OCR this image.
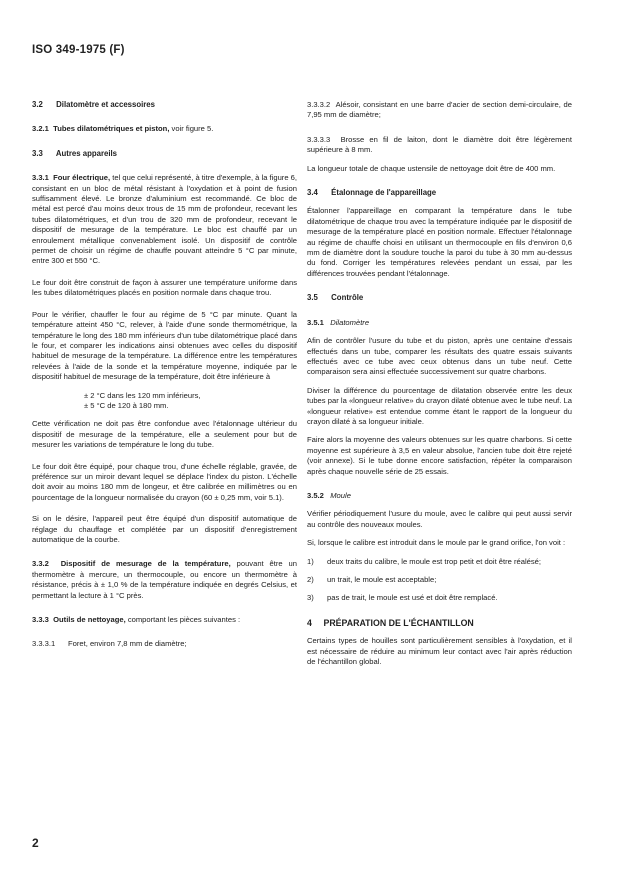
ISO 349-1975 (F)

3.2 Dilatomètre et accessoires

3.2.1 Tubes dilatométriques et piston, voir figure 5.

3.3 Autres appareils

3.3.1 Four électrique, tel que celui représenté, à titre d'exemple, à la figure 6, consistant en un bloc de métal résistant à l'oxydation et à point de fusion suffisamment élevé. Le bronze d'aluminium est recommandé. Ce bloc de métal est percé d'au moins deux trous de 15 mm de profondeur, recevant les tubes dilatométriques, et d'un trou de 320 mm de profondeur, recevant le dispositif de mesurage de la température. Le bloc est chauffé par un enroulement métallique convenablement isolé. Un dispositif de contrôle permet de choisir un régime de chauffe pouvant atteindre 5 °C par minute, entre 300 et 550 °C.

Le four doit être construit de façon à assurer une température uniforme dans les tubes dilatométriques placés en position normale dans chaque trou.

Pour le vérifier, chauffer le four au régime de 5 °C par minute. Quant la température atteint 450 °C, relever, à l'aide d'une sonde thermométrique, la température le long des 180 mm inférieurs d'un tube dilatométrique placé dans le four, et comparer les indications ainsi obtenues avec celles du dispositif habituel de mesurage de la température. La différence entre les températures relevées à l'aide de la sonde et la température moyenne, indiquée par le dispositif habituel de mesurage de la température, doit être inférieure à

± 2 °C dans les 120 mm inférieurs,

± 5 °C de 120 à 180 mm.

Cette vérification ne doit pas être confondue avec l'étalonnage ultérieur du dispositif de mesurage de la température, elle a seulement pour but de mesurer les variations de température le long du tube.

Le four doit être équipé, pour chaque trou, d'une échelle réglable, gravée, de préférence sur un miroir devant lequel se déplace l'index du piston. L'échelle doit avoir au moins 180 mm de longeur, et être calibrée en millimètres ou en pourcentage de la longueur normalisée du crayon (60 ± 0,25 mm, voir 5.1).

Si on le désire, l'appareil peut être équipé d'un dispositif automatique de réglage du chauffage et complétée par un dispositif d'enregistrement automatique de la courbe.

3.3.2 Dispositif de mesurage de la température, pouvant être un thermomètre à mercure, un thermocouple, ou encore un thermomètre à résistance, précis à ± 1,0 % de la température indiquée en degrés Celsius, et permettant la lecture à 1 °C près.

3.3.3 Outils de nettoyage, comportant les pièces suivantes :

3.3.3.1 Foret, environ 7,8 mm de diamètre;

3.3.3.2 Alésoir, consistant en une barre d'acier de section demi-circulaire, de 7,95 mm de diamètre;

3.3.3.3 Brosse en fil de laiton, dont le diamètre doit être légèrement supérieure à 8 mm.

La longueur totale de chaque ustensile de nettoyage doit être de 400 mm.

3.4 Étalonnage de l'appareillage

Étalonner l'appareillage en comparant la température dans le tube dilatométrique de chaque trou avec la température indiquée par le dispositif de mesurage de la température placé en position normale. Effectuer l'étalonnage au régime de chauffe choisi en utilisant un thermocouple en fils d'environ 0,6 mm de diamètre dont la soudure touche la paroi du tube à 30 mm au-dessus du fond. Corriger les températures relevées pendant un essai, par les différences trouvées pendant l'étalonnage.

3.5 Contrôle

3.5.1 Dilatomètre

Afin de contrôler l'usure du tube et du piston, après une centaine d'essais effectués dans un tube, comparer les résultats des quatre essais suivants effectués avec ce tube avec ceux obtenus dans un tube neuf. Cette comparaison sera ainsi effectuée successivement sur quatre charbons.

Diviser la différence du pourcentage de dilatation observée entre les deux tubes par la «longueur relative» du crayon dilaté obtenue avec le tube neuf. La «longueur relative» est entendue comme étant le rapport de la longueur du crayon dilaté à sa longueur initiale.

Faire alors la moyenne des valeurs obtenues sur les quatre charbons. Si cette moyenne est supérieure à 3,5 en valeur absolue, l'ancien tube doit être rejeté (voir annexe). Si le tube donne encore satisfaction, répéter la comparaison après chaque nouvelle série de 25 essais.

3.5.2 Moule

Vérifier périodiquement l'usure du moule, avec le calibre qui peut aussi servir au contrôle des nouveaux moules.

Si, lorsque le calibre est introduit dans le moule par le grand orifice, l'on voit :

1) deux traits du calibre, le moule est trop petit et doit être réalésé;

2) un trait, le moule est acceptable;

3) pas de trait, le moule est usé et doit être remplacé.

4 PRÉPARATION DE L'ÉCHANTILLON

Certains types de houilles sont particulièrement sensibles à l'oxydation, et il est nécessaire de réduire au minimum leur contact avec l'air après réduction de l'échantillon global.

2
